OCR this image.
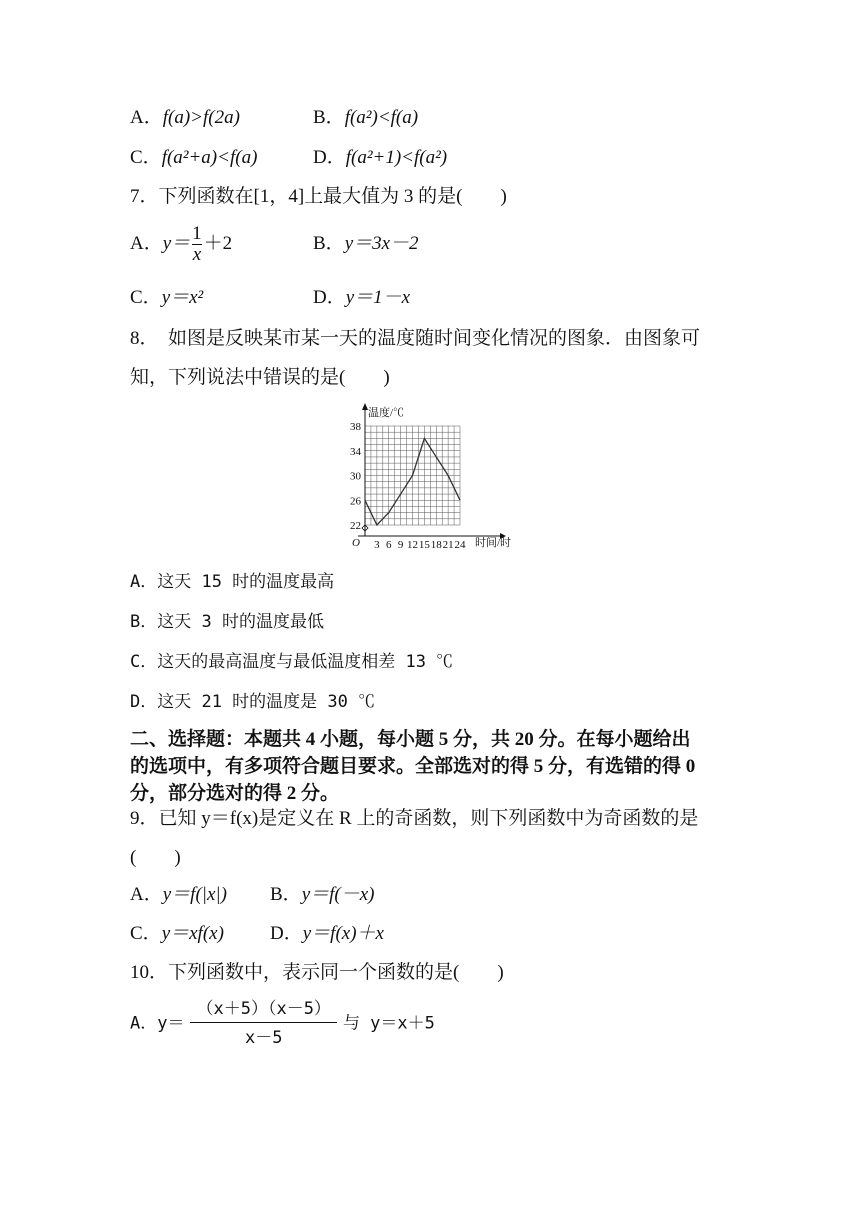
A．f(a)>f(2a)	B．f(a²)<f(a)
C．f(a²+a)<f(a)	D．f(a²+1)<f(a²)
7．下列函数在[1，4]上最大值为 3 的是(　　)
A．$y= \frac{1}{x} +2$	B．y＝3x－2
C．y＝x²	D．y＝1－x
8．　如图是反映某市某一天的温度随时间变化情况的图象．由图象可
知，下列说法中错误的是(　　)
3 6 9 12 15 18 21 24
22
26
30
34
38
温度/℃
时间/时
O
A．这天 15 时的温度最高
B．这天 3 时的温度最低
C．这天的最高温度与最低温度相差 13 ℃
D．这天 21 时的温度是 30 ℃
二、选择题：本题共 4 小题，每小题 5 分，共 20 分。在每小题给出
的选项中，有多项符合题目要求。全部选对的得 5 分，有选错的得 0
分，部分选对的得 2 分。
9．已知 y＝f(x)是定义在 R 上的奇函数，则下列函数中为奇函数的是
(　　)
A．y＝f(|x|) B．y＝f(－x)
C．y＝xf(x) D．y＝f(x)＋x
10．下列函数中，表示同一个函数的是(　　)
A．$y= \frac{(x+5)(x-5)}{x-5}$ 与 y＝x＋5
